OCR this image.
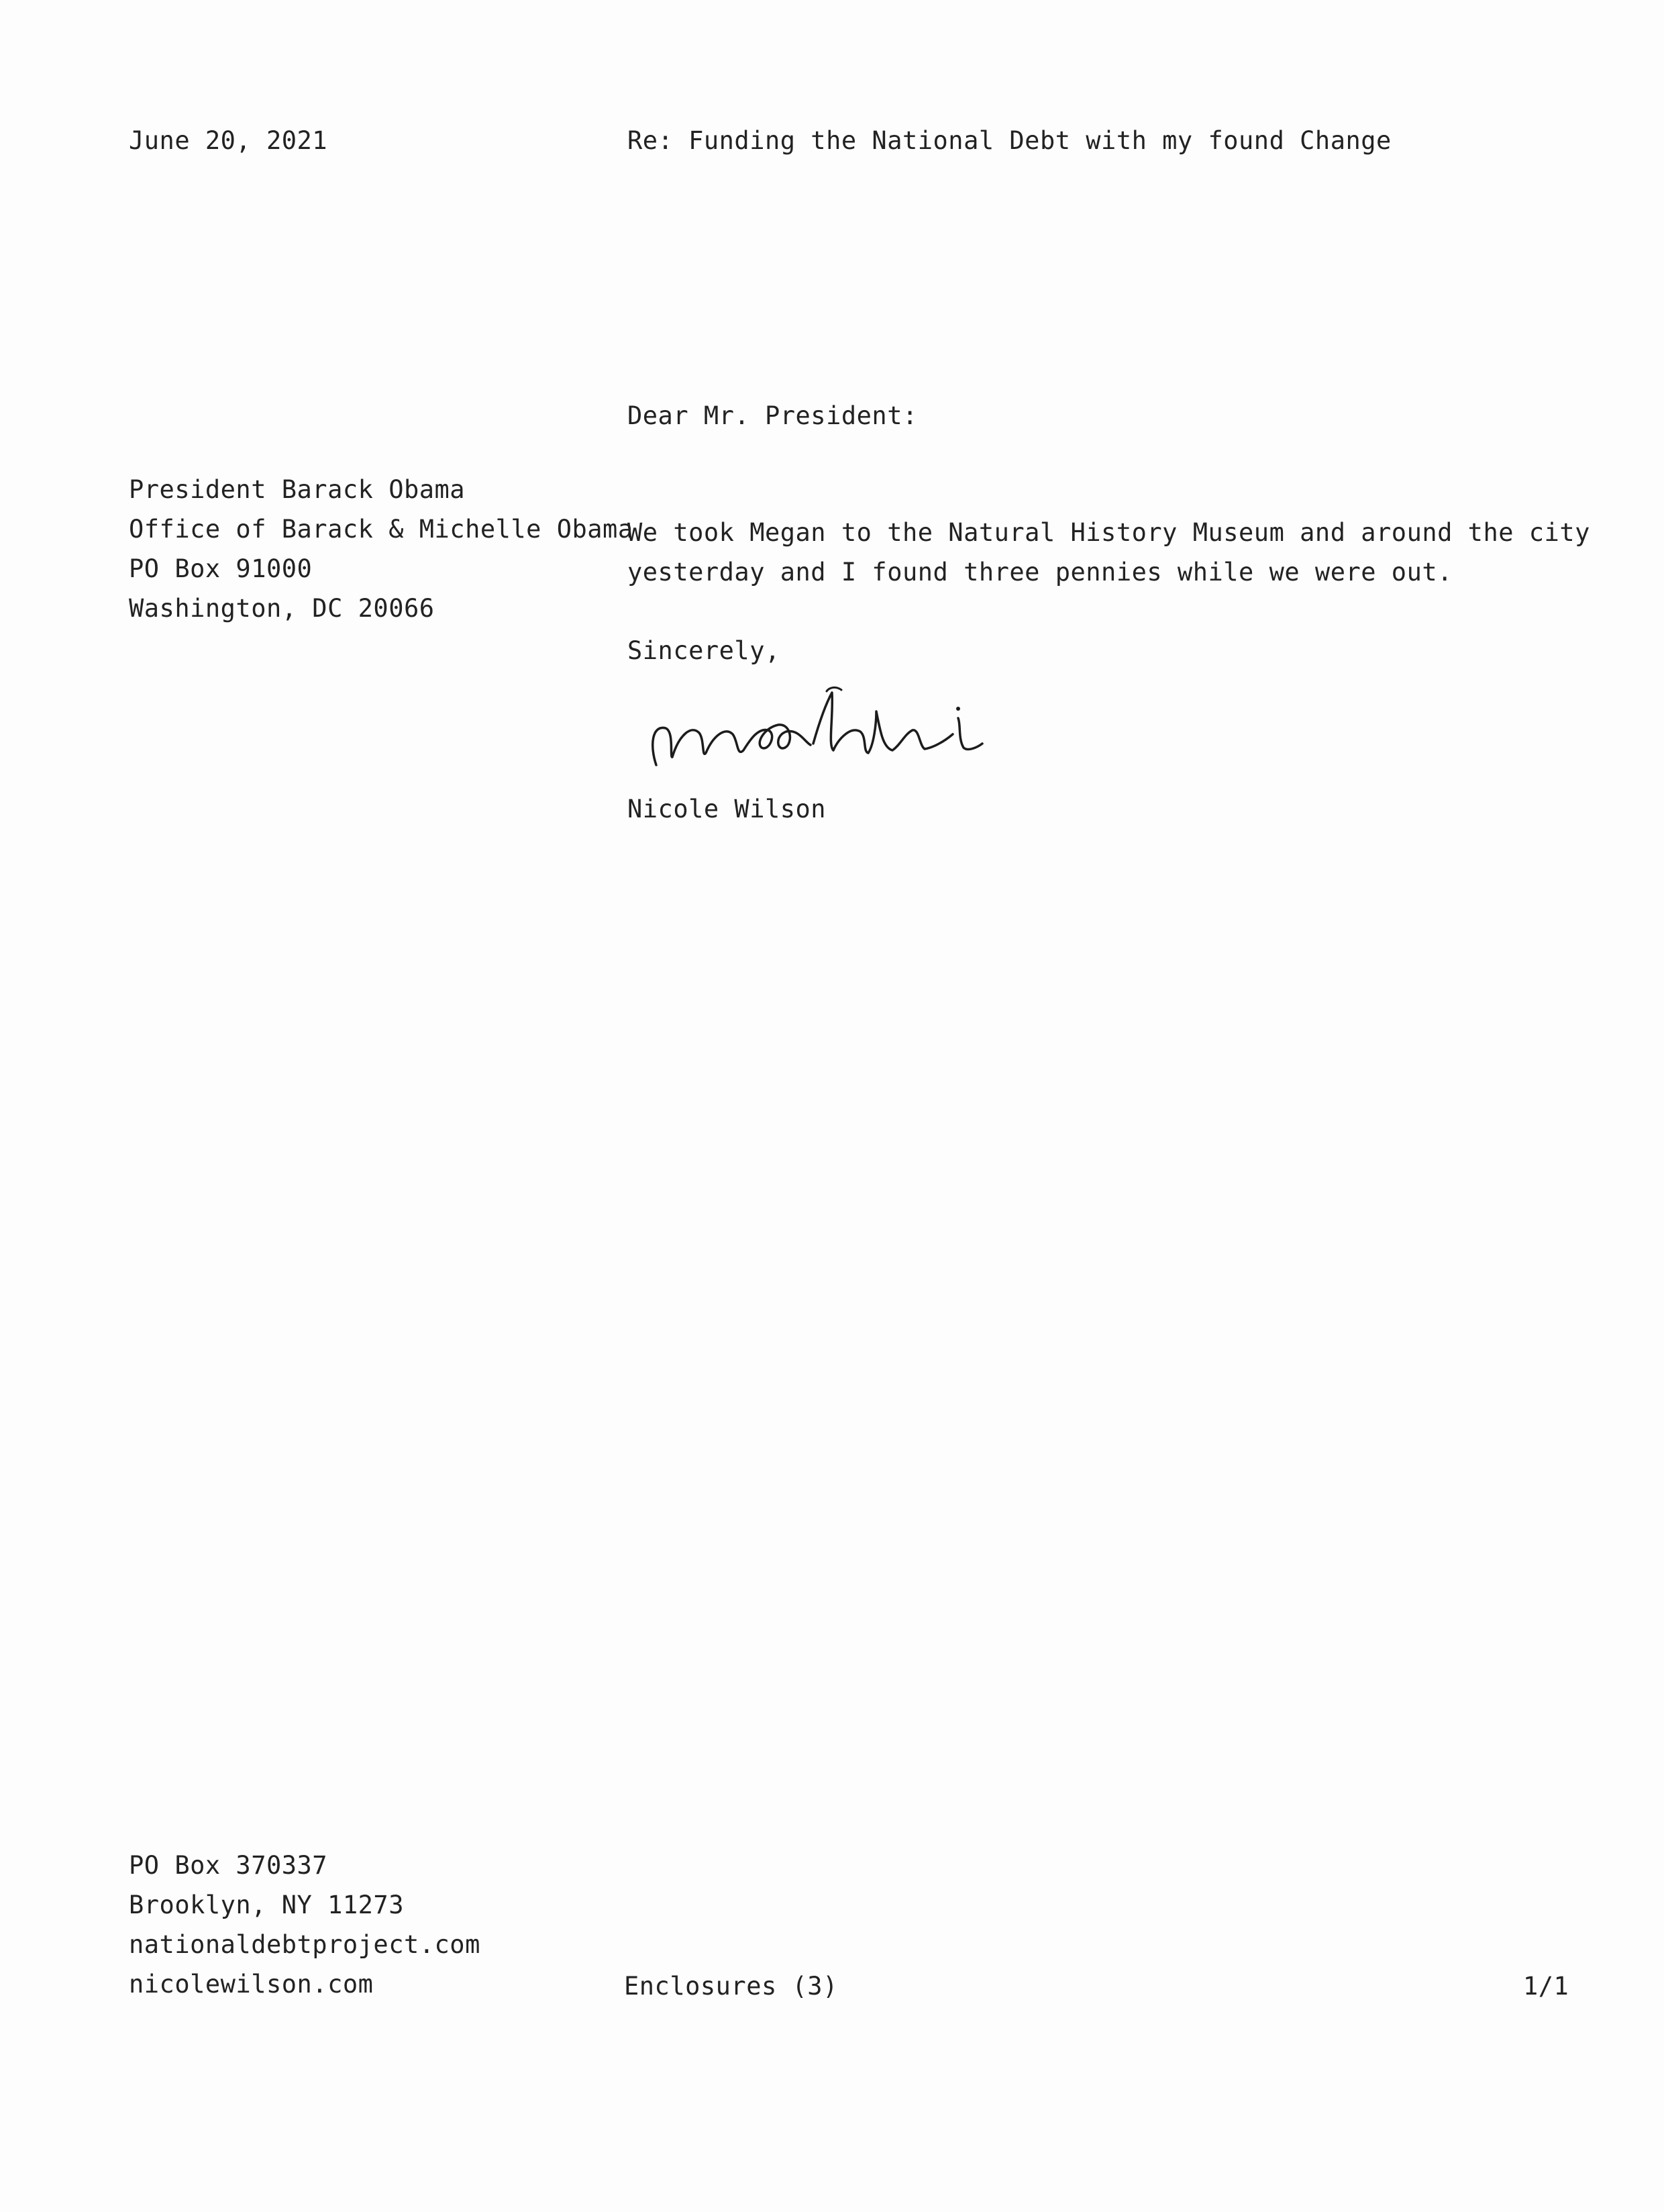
June 20, 2021	Re: Funding the National Debt with my found Change
Dear Mr. President:
President Barack Obama
Office of Barack & Michelle Obama
PO Box 91000
Washington, DC 20066
We took Megan to the Natural History Museum and around the city
yesterday and I found three pennies while we were out.
Sincerely,
Nicole Wilson
PO Box 370337
Brooklyn, NY 11273
nationaldebtproject.com
nicolewilson.com	Enclosures (3)	1/1
